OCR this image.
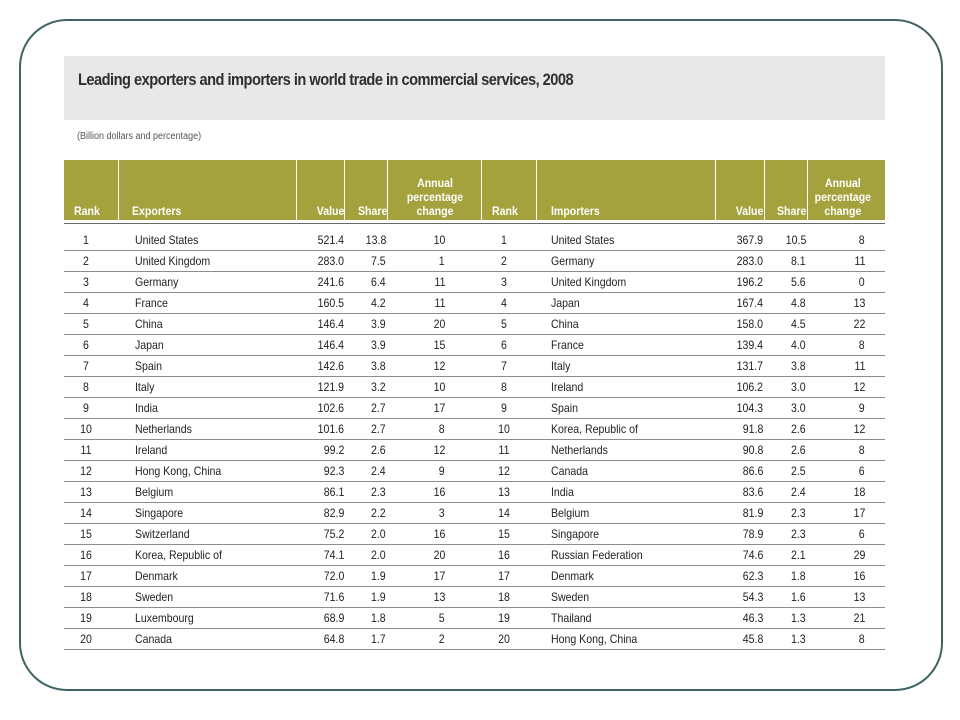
Leading exporters and importers in world trade in commercial services, 2008
(Billion dollars and percentage)
Rank	Exporters	Value Share
Annual
percentage
change	Rank	Importers	Value Share
Annual
percentage
change
1	United States	521.4 13.8	10	1	United States	367.9 10.5	8
2	United Kingdom	283.0 7.5	1	2	Germany	283.0 8.1	11
3	Germany	241.6 6.4	11	3	United Kingdom	196.2 5.6	0
4	France	160.5 4.2	11	4	Japan	167.4 4.8	13
5	China	146.4 3.9	20	5	China	158.0 4.5	22
6	Japan	146.4 3.9	15	6	France	139.4 4.0	8
7	Spain	142.6 3.8	12	7	Italy	131.7 3.8	11
8	Italy	121.9 3.2	10	8	Ireland	106.2 3.0	12
9	India	102.6 2.7	17	9	Spain	104.3 3.0	9
10	Netherlands	101.6 2.7	8	10	Korea, Republic of	91.8 2.6	12
11	Ireland	99.2 2.6	12	11	Netherlands	90.8 2.6	8
12	Hong Kong, China	92.3 2.4	9	12	Canada	86.6 2.5	6
13	Belgium	86.1 2.3	16	13	India	83.6 2.4	18
14	Singapore	82.9 2.2	3	14	Belgium	81.9 2.3	17
15	Switzerland	75.2 2.0	16	15	Singapore	78.9 2.3	6
16	Korea, Republic of	74.1 2.0	20	16	Russian Federation	74.6 2.1	29
17	Denmark	72.0 1.9	17	17	Denmark	62.3 1.8	16
18	Sweden	71.6 1.9	13	18	Sweden	54.3 1.6	13
19	Luxembourg	68.9 1.8	5	19	Thailand	46.3 1.3	21
20	Canada	64.8 1.7	2	20	Hong Kong, China	45.8 1.3	8
